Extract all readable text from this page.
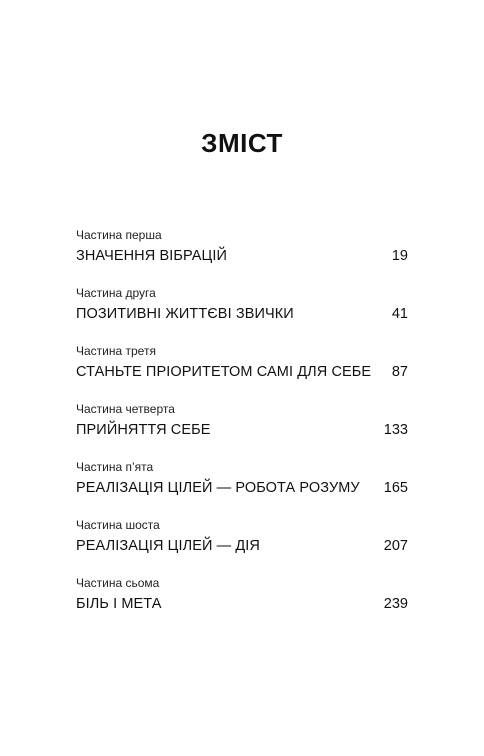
ЗМІСТ
Частина перша
ЗНАЧЕННЯ ВІБРАЦІЙ	19
Частина друга
ПОЗИТИВНІ ЖИТТЄВІ ЗВИЧКИ	41
Частина третя
СТАНЬТЕ ПРІОРИТЕТОМ САМІ ДЛЯ СЕБЕ 87
Частина четверта
ПРИЙНЯТТЯ СЕБЕ	133
Частина п’ята
РЕАЛІЗАЦІЯ ЦІЛЕЙ — РОБОТА РОЗУМУ 165
Частина шоста
РЕАЛІЗАЦІЯ ЦІЛЕЙ — ДІЯ	207
Частина сьома
БІЛЬ І МЕТА	239
